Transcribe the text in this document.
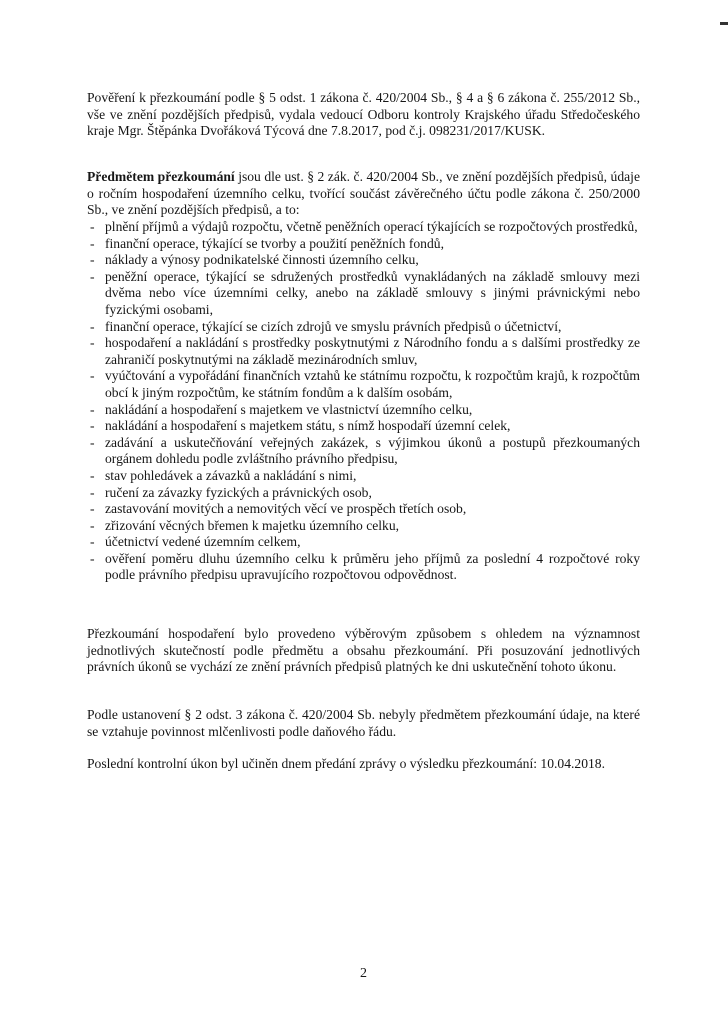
Pověření k přezkoumání podle § 5 odst. 1 zákona č. 420/2004 Sb., § 4 a § 6 zákona č. 255/2012 Sb., vše ve znění pozdějších předpisů, vydala vedoucí Odboru kontroly Krajského úřadu Středočeského kraje Mgr. Štěpánka Dvořáková Týcová dne 7.8.2017, pod č.j. 098231/2017/KUSK.

Předmětem přezkoumání jsou dle ust. § 2 zák. č. 420/2004 Sb., ve znění pozdějších předpisů, údaje o ročním hospodaření územního celku, tvořící součást závěrečného účtu podle zákona č. 250/2000 Sb., ve znění pozdějších předpisů, a to:

- plnění příjmů a výdajů rozpočtu, včetně peněžních operací týkajících se rozpočtových prostředků,
- finanční operace, týkající se tvorby a použití peněžních fondů,
- náklady a výnosy podnikatelské činnosti územního celku,
- peněžní operace, týkající se sdružených prostředků vynakládaných na základě smlouvy mezi dvěma nebo více územními celky, anebo na základě smlouvy s jinými právnickými nebo fyzickými osobami,
- finanční operace, týkající se cizích zdrojů ve smyslu právních předpisů o účetnictví,
- hospodaření a nakládání s prostředky poskytnutými z Národního fondu a s dalšími prostředky ze zahraničí poskytnutými na základě mezinárodních smluv,
- vyúčtování a vypořádání finančních vztahů ke státnímu rozpočtu, k rozpočtům krajů, k rozpočtům obcí k jiným rozpočtům, ke státním fondům a k dalším osobám,
- nakládání a hospodaření s majetkem ve vlastnictví územního celku,
- nakládání a hospodaření s majetkem státu, s nímž hospodaří územní celek,
- zadávání a uskutečňování veřejných zakázek, s výjimkou úkonů a postupů přezkoumaných orgánem dohledu podle zvláštního právního předpisu,
- stav pohledávek a závazků a nakládání s nimi,
- ručení za závazky fyzických a právnických osob,
- zastavování movitých a nemovitých věcí ve prospěch třetích osob,
- zřizování věcných břemen k majetku územního celku,
- účetnictví vedené územním celkem,
- ověření poměru dluhu územního celku k průměru jeho příjmů za poslední 4 rozpočtové roky podle právního předpisu upravujícího rozpočtovou odpovědnost.

Přezkoumání hospodaření bylo provedeno výběrovým způsobem s ohledem na významnost jednotlivých skutečností podle předmětu a obsahu přezkoumání. Při posuzování jednotlivých právních úkonů se vychází ze znění právních předpisů platných ke dni uskutečnění tohoto úkonu.

Podle ustanovení § 2 odst. 3 zákona č. 420/2004 Sb. nebyly předmětem přezkoumání údaje, na které se vztahuje povinnost mlčenlivosti podle daňového řádu.

Poslední kontrolní úkon byl učiněn dnem předání zprávy o výsledku přezkoumání: 10.04.2018.

2
